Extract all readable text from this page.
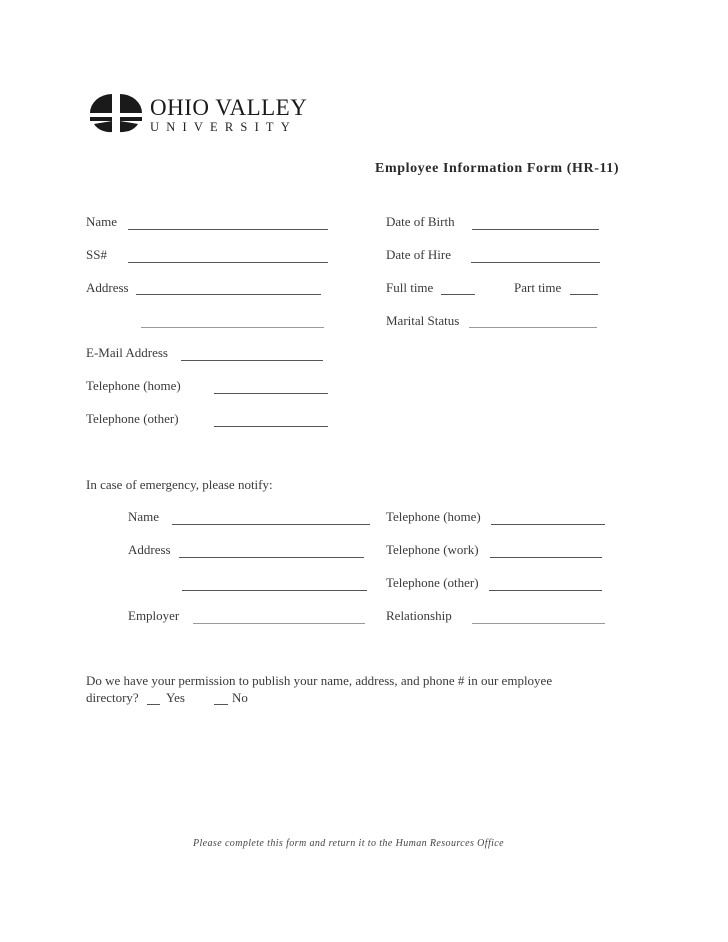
OHIO VALLEY
UNIVERSITY
Employee Information Form (HR-11)
Name
SS#
Address
E-Mail Address
Telephone (home)
Telephone (other)
Date of Birth
Date of Hire
Full time	Part time
Marital Status
In case of emergency, please notify:
Name
Address
Employer
Telephone (home)
Telephone (work)
Telephone (other)
Relationship
Do we have your permission to publish your name, address, and phone # in our employee
directory? Yes	No
Please complete this form and return it to the Human Resources Office
